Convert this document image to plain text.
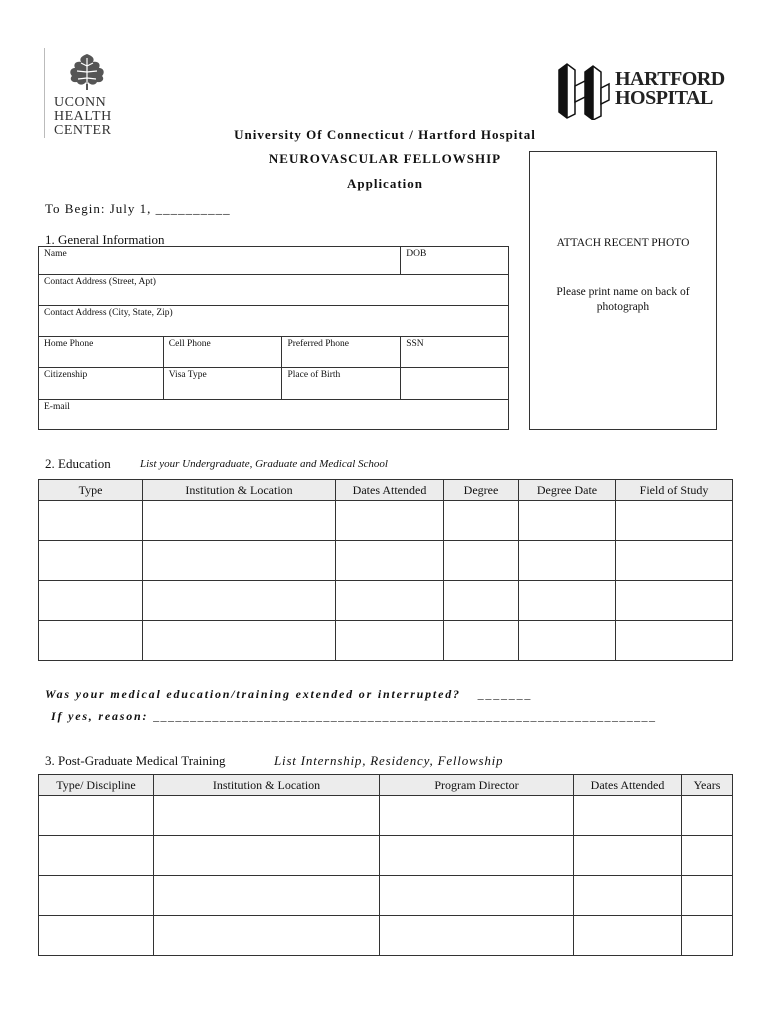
UCONN
HEALTH
CENTER
HARTFORD
HOSPITAL
University Of Connecticut / Hartford Hospital
NEUROVASCULAR FELLOWSHIP
Application
To Begin: July 1, __________
ATTACH RECENT PHOTO
Please print name on back of photograph
1. General Information
Name			DOB
Contact Address (Street, Apt)			
Contact Address (City, State, Zip)			
Home Phone	Cell Phone	Preferred Phone	SSN
Citizenship	Visa Type	Place of Birth	
E-mail			
2. Education	List your Undergraduate, Graduate and Medical School
Type	Institution & Location	Dates Attended	Degree	Degree Date	Field of Study

Was your medical education/training extended or interrupted? _______
If yes, reason: ____________________________________________________________________
3. Post-Graduate Medical Training	List Internship, Residency, Fellowship
Type/ Discipline	Institution & Location	Program Director	Dates Attended	Years
